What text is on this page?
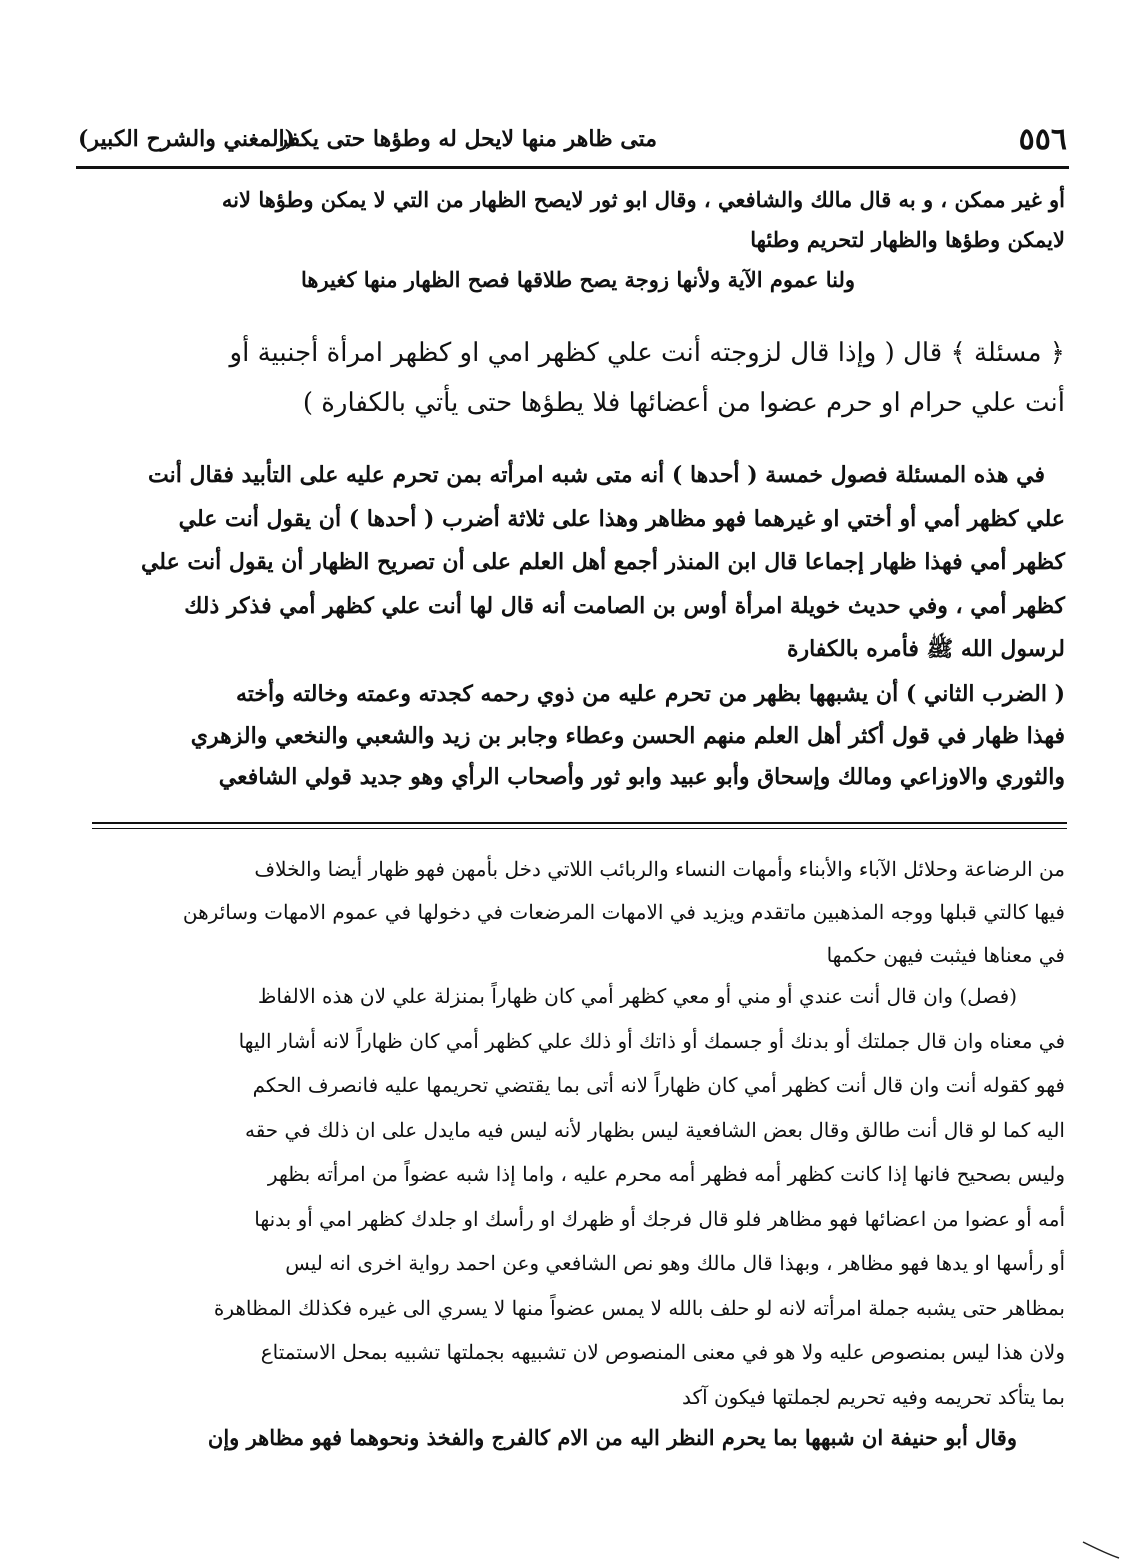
٥٥٦
متى ظاهر منها لايحل له وطؤها حتى يكفر
(المغني والشرح الكبير)

أو غير ممكن ، و به قال مالك والشافعي ، وقال ابو ثور لايصح الظهار من التي لا يمكن وطؤها لانه

لايمكن وطؤها والظهار لتحريم وطئها

ولنا عموم الآية ولأنها زوجة يصح طلاقها فصح الظهار منها كغيرها

﴿ مسئلة ﴾ قال ( وإذا قال لزوجته أنت علي كظهر امي او كظهر امرأة أجنبية أو

أنت علي حرام او حرم عضوا من أعضائها فلا يطؤها حتى يأتي بالكفارة )

في هذه المسئلة فصول خمسة ( أحدها ) أنه متى شبه امرأته بمن تحرم عليه على التأبيد فقال أنت

علي كظهر أمي أو أختي او غيرهما فهو مظاهر وهذا على ثلاثة أضرب ( أحدها ) أن يقول أنت علي

كظهر أمي فهذا ظهار إجماعا قال ابن المنذر أجمع أهل العلم على أن تصريح الظهار أن يقول أنت علي

كظهر أمي ، وفي حديث خويلة امرأة أوس بن الصامت أنه قال لها أنت علي كظهر أمي فذكر ذلك

لرسول الله ﷺ فأمره بالكفارة

( الضرب الثاني ) أن يشبهها بظهر من تحرم عليه من ذوي رحمه كجدته وعمته وخالته وأخته

فهذا ظهار في قول أكثر أهل العلم منهم الحسن وعطاء وجابر بن زيد والشعبي والنخعي والزهري

والثوري والاوزاعي ومالك وإسحاق وأبو عبيد وابو ثور وأصحاب الرأي وهو جديد قولي الشافعي

من الرضاعة وحلائل الآباء والأبناء وأمهات النساء والربائب اللاتي دخل بأمهن فهو ظهار أيضا والخلاف

فيها كالتي قبلها ووجه المذهبين ماتقدم ويزيد في الامهات المرضعات في دخولها في عموم الامهات وسائرهن

في معناها فيثبت فيهن حكمها

(فصل) وان قال أنت عندي أو مني أو معي كظهر أمي كان ظهاراً بمنزلة علي لان هذه الالفاظ

في معناه وان قال جملتك أو بدنك أو جسمك أو ذاتك أو ذلك علي كظهر أمي كان ظهاراً لانه أشار اليها

فهو كقوله أنت وان قال أنت كظهر أمي كان ظهاراً لانه أتى بما يقتضي تحريمها عليه فانصرف الحكم

اليه كما لو قال أنت طالق وقال بعض الشافعية ليس بظهار لأنه ليس فيه مايدل على ان ذلك في حقه

وليس بصحيح فانها إذا كانت كظهر أمه فظهر أمه محرم عليه ، واما إذا شبه عضواً من امرأته بظهر

أمه أو عضوا من اعضائها فهو مظاهر فلو قال فرجك أو ظهرك او رأسك او جلدك كظهر امي أو بدنها

أو رأسها او يدها فهو مظاهر ، وبهذا قال مالك وهو نص الشافعي وعن احمد رواية اخرى انه ليس

بمظاهر حتى يشبه جملة امرأته لانه لو حلف بالله لا يمس عضواً منها لا يسري الى غيره فكذلك المظاهرة

ولان هذا ليس بمنصوص عليه ولا هو في معنى المنصوص لان تشبيهه بجملتها تشبيه بمحل الاستمتاع

بما يتأكد تحريمه وفيه تحريم لجملتها فيكون آكد

وقال أبو حنيفة ان شبهها بما يحرم النظر اليه من الام كالفرج والفخذ ونحوهما فهو مظاهر وإن
